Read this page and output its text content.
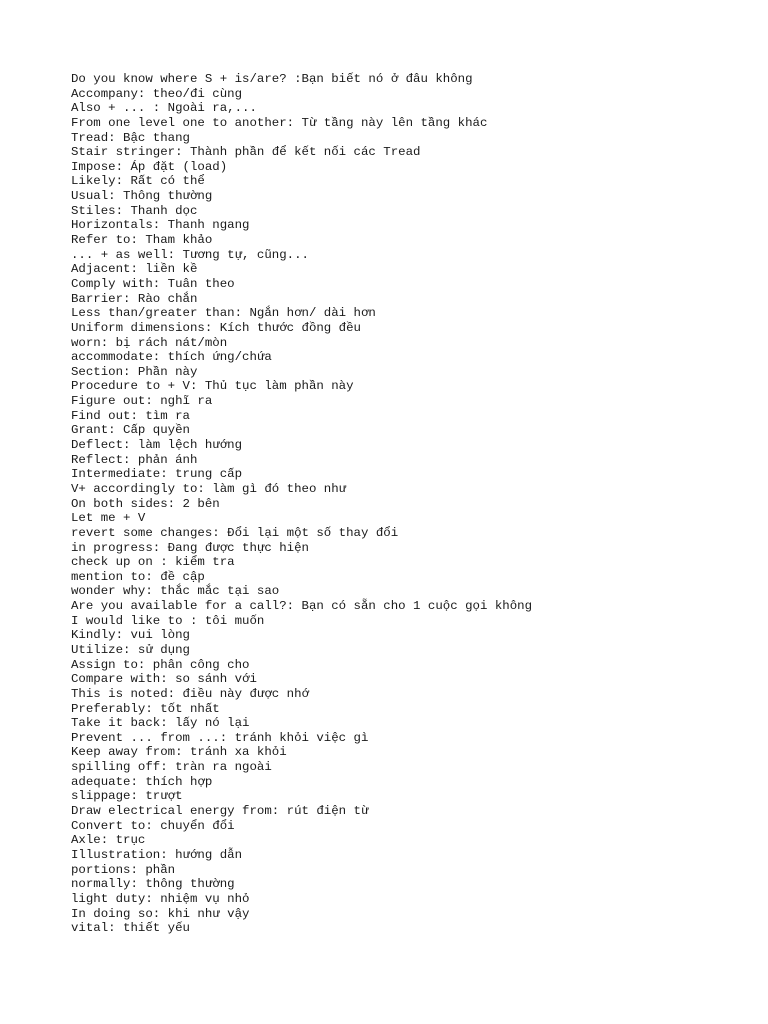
Do you know where S + is/are? :Bạn biết nó ở đâu không
Accompany: theo/đi cùng
Also + ... : Ngoài ra,...
From one level one to another: Từ tầng này lên tầng khác
Tread: Bậc thang
Stair stringer: Thành phần để kết nối các Tread
Impose: Áp đặt (load)
Likely: Rất có thể
Usual: Thông thường
Stiles: Thanh dọc
Horizontals: Thanh ngang
Refer to: Tham khảo
... + as well: Tương tự, cũng...
Adjacent: liền kề
Comply with: Tuân theo
Barrier: Rào chắn
Less than/greater than: Ngắn hơn/ dài hơn
Uniform dimensions: Kích thước đồng đều
worn: bị rách nát/mòn
accommodate: thích ứng/chứa
Section: Phần này
Procedure to + V: Thủ tục làm phần này
Figure out: nghĩ ra
Find out: tìm ra
Grant: Cấp quyền
Deflect: làm lệch hướng
Reflect: phản ánh
Intermediate: trung cấp
V+ accordingly to: làm gì đó theo như
On both sides: 2 bên
Let me + V
revert some changes: Đổi lại một số thay đổi
in progress: Đang được thực hiện
check up on : kiểm tra
mention to: đề cập
wonder why: thắc mắc tại sao
Are you available for a call?: Bạn có sẵn cho 1 cuộc gọi không
I would like to : tôi muốn
Kindly: vui lòng
Utilize: sử dụng
Assign to: phân công cho
Compare with: so sánh với
This is noted: điều này được nhớ
Preferably: tốt nhất
Take it back: lấy nó lại
Prevent ... from ...: tránh khỏi việc gì
Keep away from: tránh xa khỏi
spilling off: tràn ra ngoài
adequate: thích hợp
slippage: trượt
Draw electrical energy from: rút điện từ
Convert to: chuyển đổi
Axle: trục
Illustration: hướng dẫn
portions: phần
normally: thông thường
light duty: nhiệm vụ nhỏ
In doing so: khi như vậy
vital: thiết yếu
